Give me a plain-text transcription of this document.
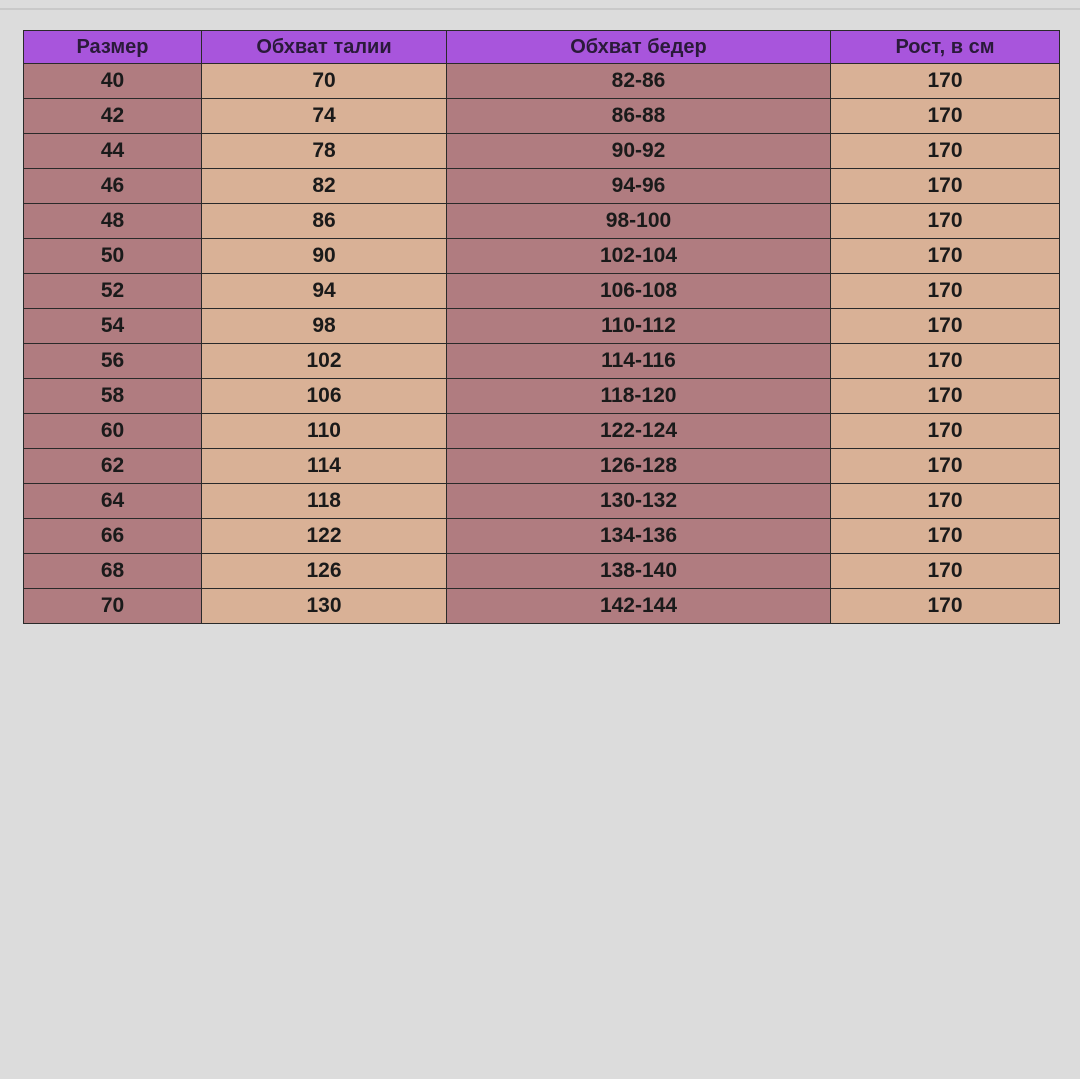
Размер	Обхват талии	Обхват бедер	Рост, в см
40	70	82-86	170
42	74	86-88	170
44	78	90-92	170
46	82	94-96	170
48	86	98-100	170
50	90	102-104	170
52	94	106-108	170
54	98	110-112	170
56	102	114-116	170
58	106	118-120	170
60	110	122-124	170
62	114	126-128	170
64	118	130-132	170
66	122	134-136	170
68	126	138-140	170
70	130	142-144	170
